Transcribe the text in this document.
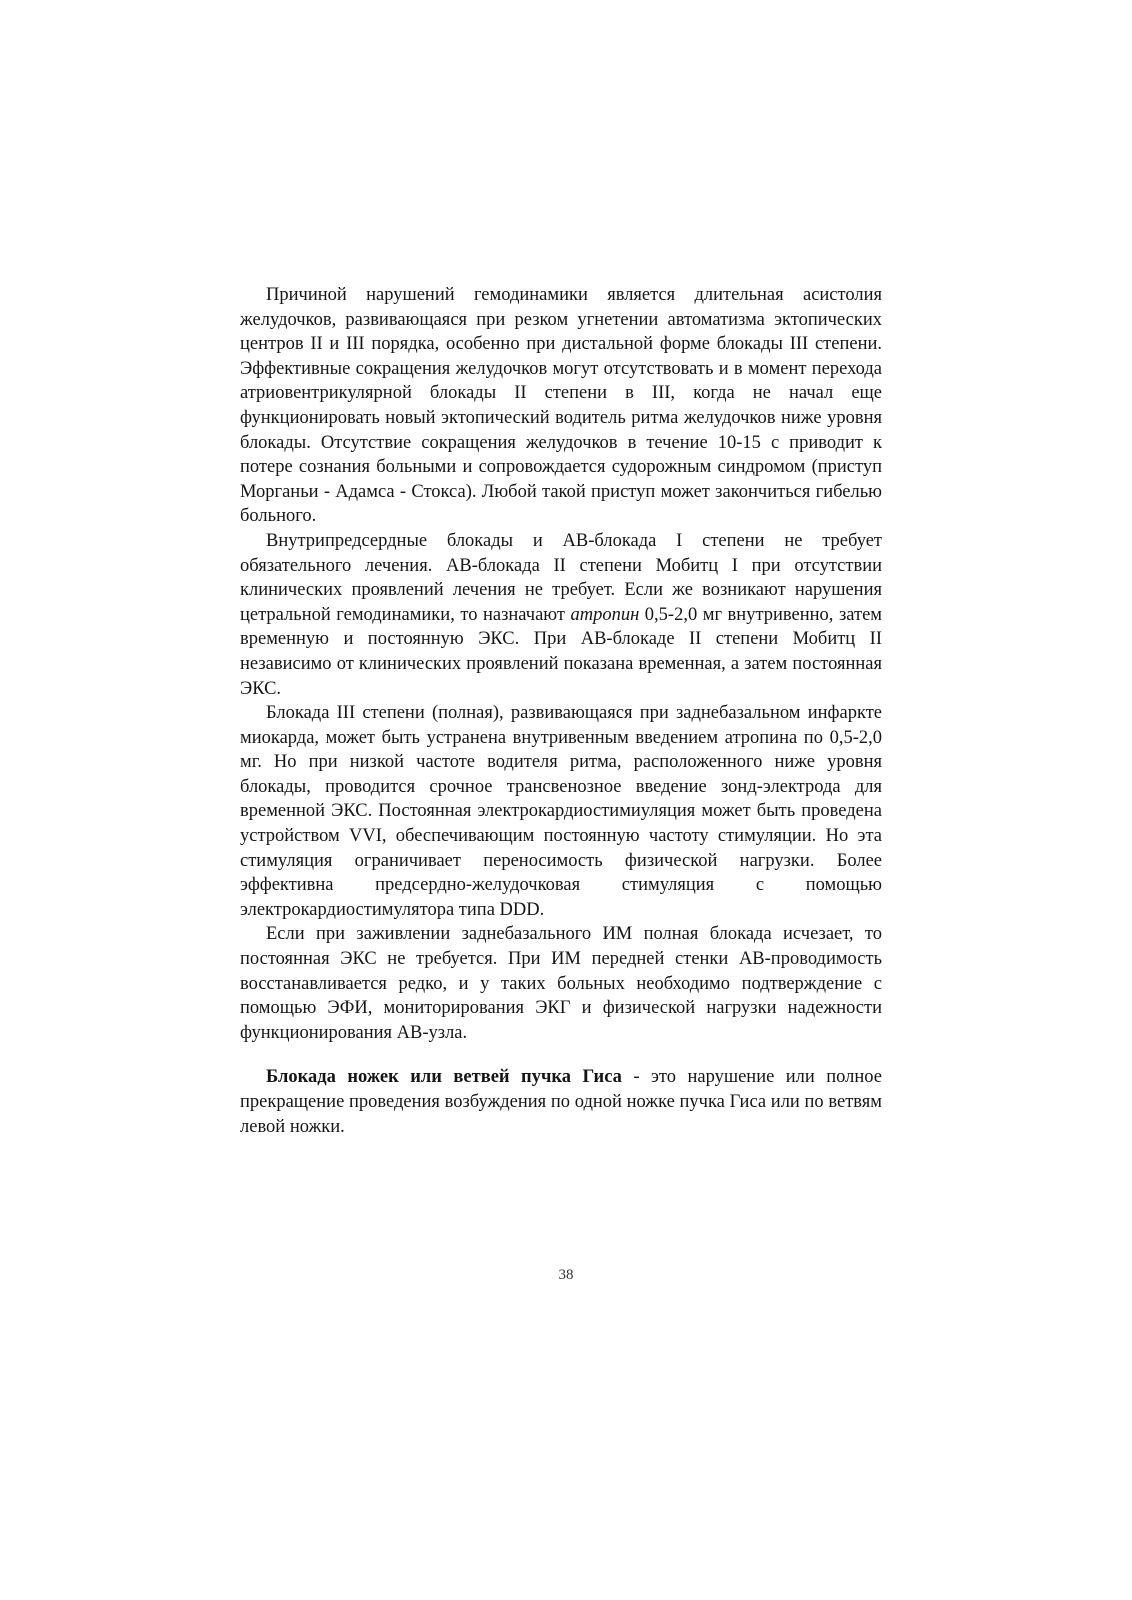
Причиной нарушений гемодинамики является длительная асистолия желудочков, развивающаяся при резком угнетении автоматизма эктопических центров II и III порядка, особенно при дистальной форме блокады III степени. Эффективные сокращения желудочков могут отсутствовать и в момент перехода атриовентрикулярной блокады II степени в III, когда не начал еще функционировать новый эктопический водитель ритма желудочков ниже уровня блокады. Отсутствие сокращения желудочков в течение 10-15 с приводит к потере сознания больными и сопровождается судорожным синдромом (приступ Морганьи - Адамса - Стокса). Любой такой приступ может закончиться гибелью больного.

Внутрипредсердные блокады и АВ-блокада I степени не требует обязательного лечения. АВ-блокада II степени Мобитц I при отсутствии клинических проявлений лечения не требует. Если же возникают нарушения цетральной гемодинамики, то назначают атропин 0,5-2,0 мг внутривенно, затем временную и постоянную ЭКС. При АВ-блокаде II степени Мобитц II независимо от клинических проявлений показана временная, а затем постоянная ЭКС.

Блокада III степени (полная), развивающаяся при заднебазальном инфаркте миокарда, может быть устранена внутривенным введением атропина по 0,5-2,0 мг. Но при низкой частоте водителя ритма, расположенного ниже уровня блокады, проводится срочное трансвенозное введение зонд-электрода для временной ЭКС. Постоянная электрокардиостимиуляция может быть проведена устройством VVI, обеспечивающим постоянную частоту стимуляции. Но эта стимуляция ограничивает переносимость физической нагрузки. Более эффективна предсердно-желудочковая стимуляция с помощью электрокардиостимулятора типа DDD.

Если при заживлении заднебазального ИМ полная блокада исчезает, то постоянная ЭКС не требуется. При ИМ передней стенки АВ-проводимость восстанавливается редко, и у таких больных необходимо подтверждение с помощью ЭФИ, мониторирования ЭКГ и физической нагрузки надежности функционирования АВ-узла.

Блокада ножек или ветвей пучка Гиса - это нарушение или полное прекращение проведения возбуждения по одной ножке пучка Гиса или по ветвям левой ножки.

38
